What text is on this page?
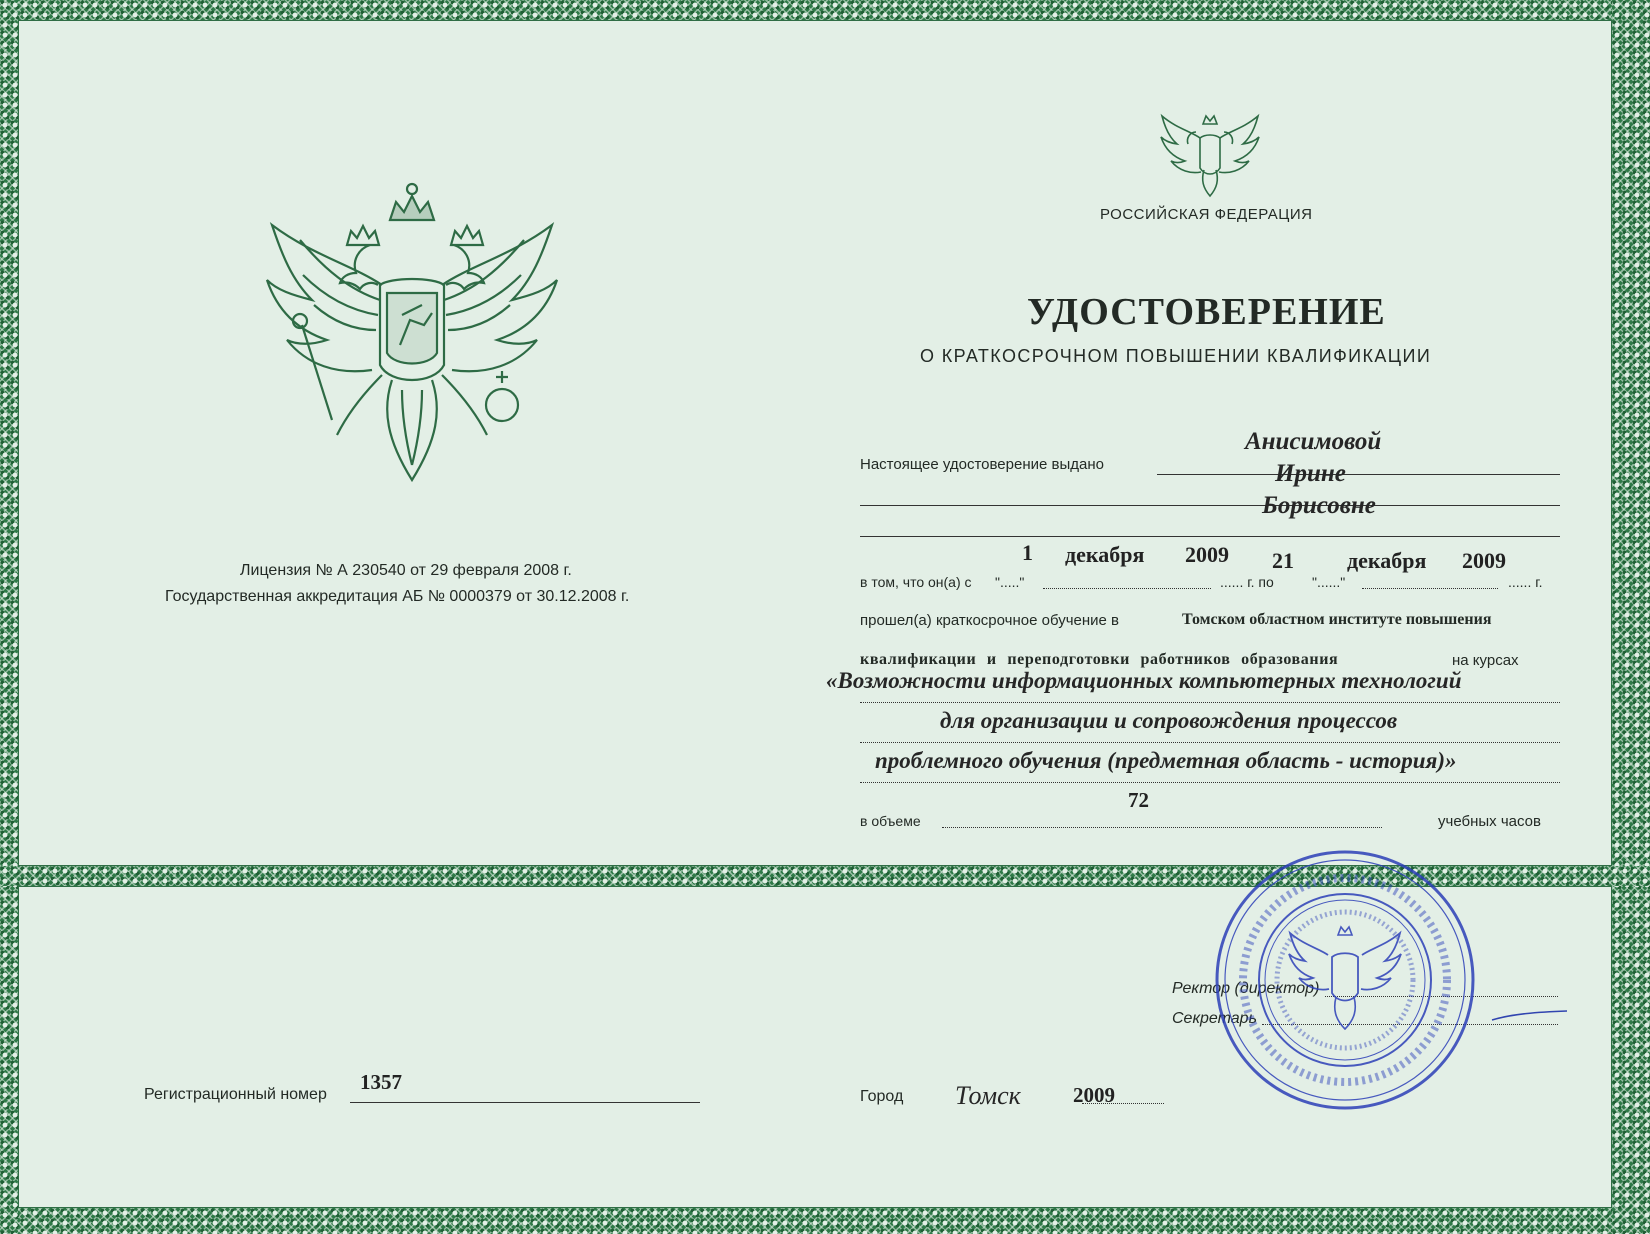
РОССИЙСКАЯ ФЕДЕРАЦИЯ
УДОСТОВЕРЕНИЕ
О КРАТКОСРОЧНОМ ПОВЫШЕНИИ КВАЛИФИКАЦИИ
Лицензия № А 230540 от 29 февраля 2008 г.
Государственная аккредитация АБ № 0000379 от 30.12.2008 г.
Настоящее удостоверение выдано
Анисимовой
Ирине
Борисовне
1 декабря 2009 21 декабря 2009
в том, что он(а) с "....."	...... г. по	"......"	...... г.
прошел(а) краткосрочное обучение в	Томском областном институте повышения
квалификации и переподготовки работников образования	на курсах
«Возможности информационных компьютерных технологий
для организации и сопровождения процессов
проблемного обучения (предметная область - история)»
в объеме
72
учебных часов
Ректор (директор)
Секретарь
Регистрационный номер
1357
Город Томск 2009
